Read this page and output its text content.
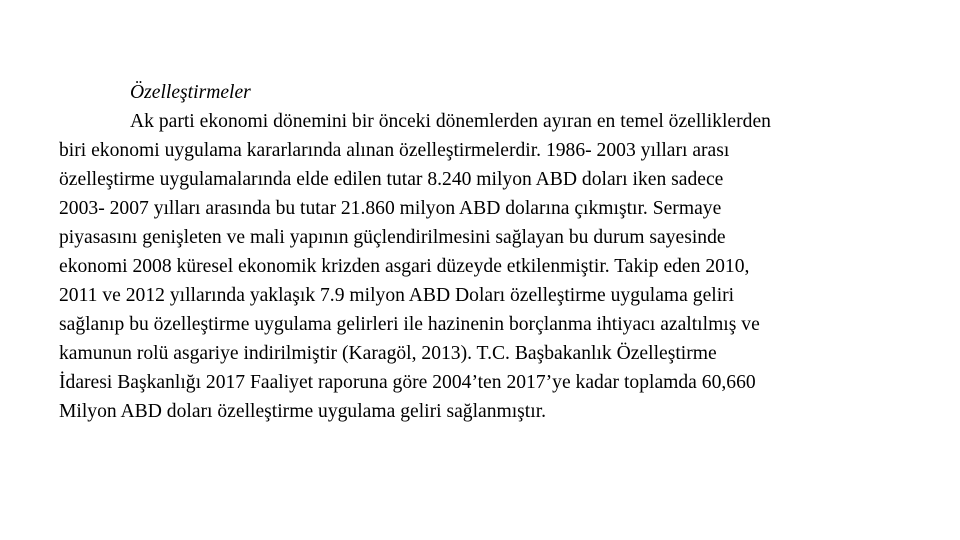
Özelleştirmeler
Ak parti ekonomi dönemini bir önceki dönemlerden ayıran en temel özelliklerden
biri ekonomi uygulama kararlarında alınan özelleştirmelerdir. 1986- 2003 yılları arası
özelleştirme uygulamalarında elde edilen tutar 8.240 milyon ABD doları iken sadece
2003- 2007 yılları arasında bu tutar 21.860 milyon ABD dolarına çıkmıştır. Sermaye
piyasasını genişleten ve mali yapının güçlendirilmesini sağlayan bu durum sayesinde
ekonomi 2008 küresel ekonomik krizden asgari düzeyde etkilenmiştir. Takip eden 2010,
2011 ve 2012 yıllarında yaklaşık 7.9 milyon ABD Doları özelleştirme uygulama geliri
sağlanıp bu özelleştirme uygulama gelirleri ile hazinenin borçlanma ihtiyacı azaltılmış ve
kamunun rolü asgariye indirilmiştir (Karagöl, 2013). T.C. Başbakanlık Özelleştirme
İdaresi Başkanlığı 2017 Faaliyet raporuna göre 2004’ten 2017’ye kadar toplamda 60,660
Milyon ABD doları özelleştirme uygulama geliri sağlanmıştır.
